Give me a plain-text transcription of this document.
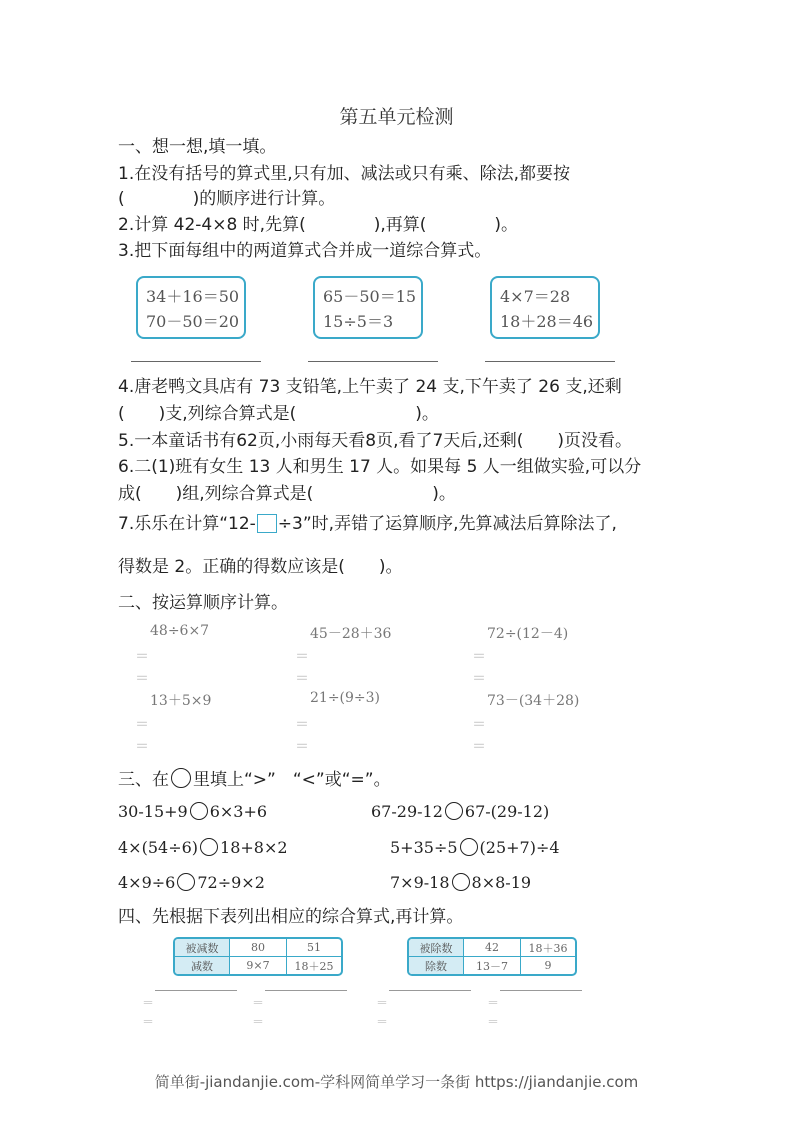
第五单元检测
一、想一想,填一填。
1.在没有括号的算式里,只有加、减法或只有乘、除法,都要按
(　　　　)的顺序进行计算。
2.计算 42-4×8 时,先算(　　　　),再算(　　　　)。
3.把下面每组中的两道算式合并成一道综合算式。
34＋16＝50
70－50＝20
65－50＝15
15÷5＝3
4×7＝28
18＋28＝46
4.唐老鸭文具店有 73 支铅笔,上午卖了 24 支,下午卖了 26 支,还剩
(　　)支,列综合算式是(　　　　　　　)。
5.一本童话书有62页,小雨每天看8页,看了7天后,还剩(　　)页没看。
6.二(1)班有女生 13 人和男生 17 人。如果每 5 人一组做实验,可以分
成(　　)组,列综合算式是(　　　　　　　)。
7.乐乐在计算“12- ÷3”时,弄错了运算顺序,先算减法后算除法了,
得数是 2。正确的得数应该是(　　)。
二、按运算顺序计算。
48÷6×7	45－28＋36	72÷(12－4)
＝	＝	＝
＝	＝	＝
13＋5×9	21÷(9÷3)	73－(34＋28)
＝	＝	＝
＝	＝	＝
三、在 里填上“>”　“<”或“=”。
30-15+9 6×3+6	67-29-12 67-(29-12)
4×(54÷6) 18+8×2	5+35÷5 (25+7)÷4
4×9÷6 72÷9×2	7×9-18 8×8-19
四、先根据下表列出相应的综合算式,再计算。
被减数	80	51
减数	9×7	18＋25
被除数	42	18＋36
除数	13－7	9
＝	＝	＝	＝
＝	＝	＝	＝
简单街-jiandanjie.com-学科网简单学习一条街 https://jiandanjie.com
